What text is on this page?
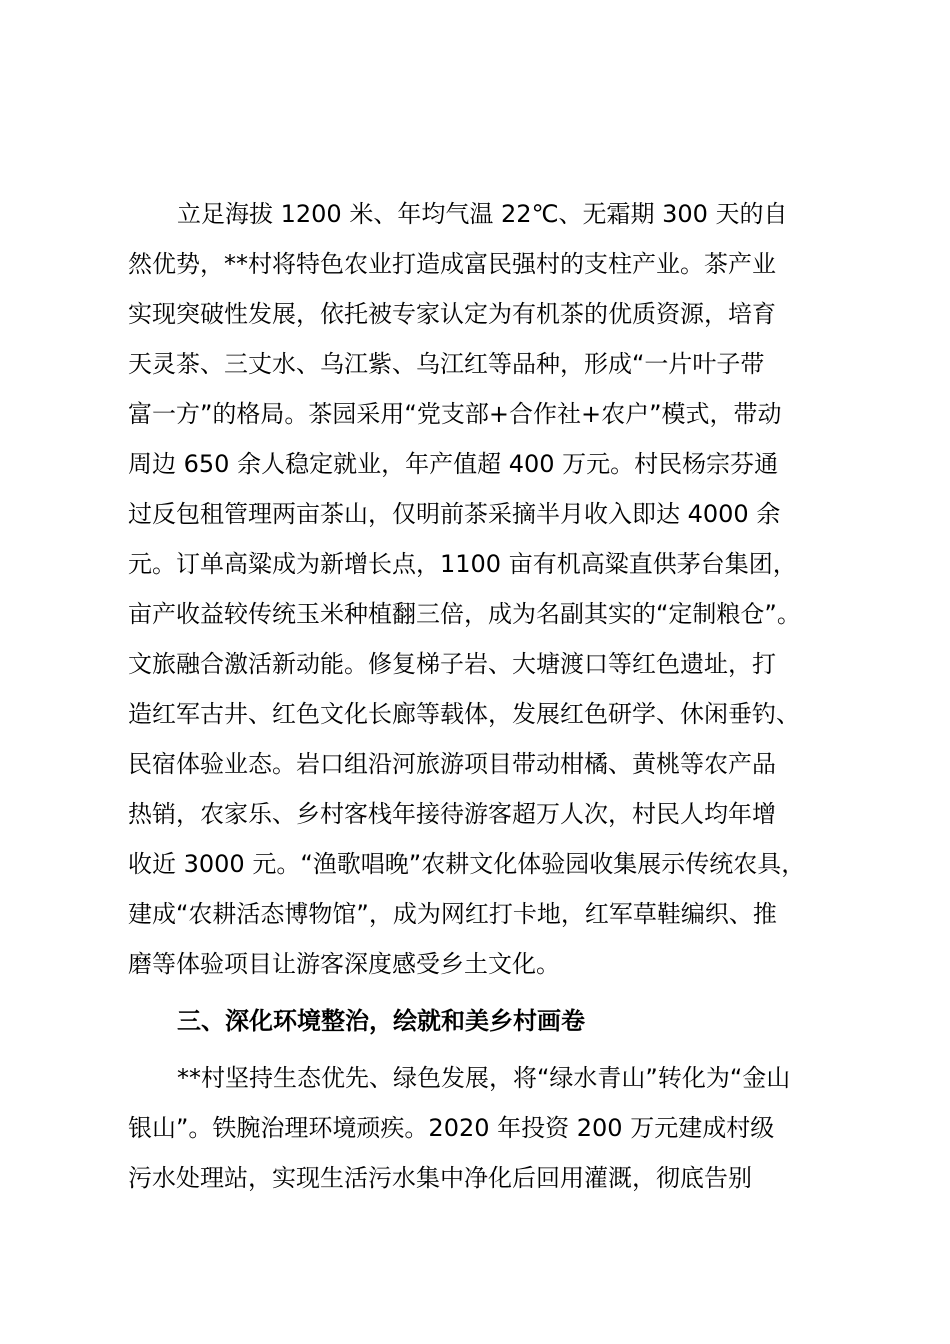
立足海拔 1200 米、年均气温 22℃、无霜期 300 天的自
然优势，**村将特色农业打造成富民强村的支柱产业。茶产业
实现突破性发展，依托被专家认定为有机茶的优质资源，培育
天灵茶、三丈水、乌江紫、乌江红等品种，形成“一片叶子带
富一方”的格局。茶园采用“党支部+合作社+农户”模式，带动
周边 650 余人稳定就业，年产值超 400 万元。村民杨宗芬通
过反包租管理两亩茶山，仅明前茶采摘半月收入即达 4000 余
元。订单高粱成为新增长点，1100 亩有机高粱直供茅台集团，
亩产收益较传统玉米种植翻三倍，成为名副其实的“定制粮仓”。
文旅融合激活新动能。修复梯子岩、大塘渡口等红色遗址，打
造红军古井、红色文化长廊等载体，发展红色研学、休闲垂钓、
民宿体验业态。岩口组沿河旅游项目带动柑橘、黄桃等农产品
热销，农家乐、乡村客栈年接待游客超万人次，村民人均年增
收近 3000 元。“渔歌唱晚”农耕文化体验园收集展示传统农具，
建成“农耕活态博物馆”，成为网红打卡地，红军草鞋编织、推
磨等体验项目让游客深度感受乡土文化。
三、深化环境整治，绘就和美乡村画卷
**村坚持生态优先、绿色发展，将“绿水青山”转化为“金山
银山”。铁腕治理环境顽疾。2020 年投资 200 万元建成村级
污水处理站，实现生活污水集中净化后回用灌溉，彻底告别
